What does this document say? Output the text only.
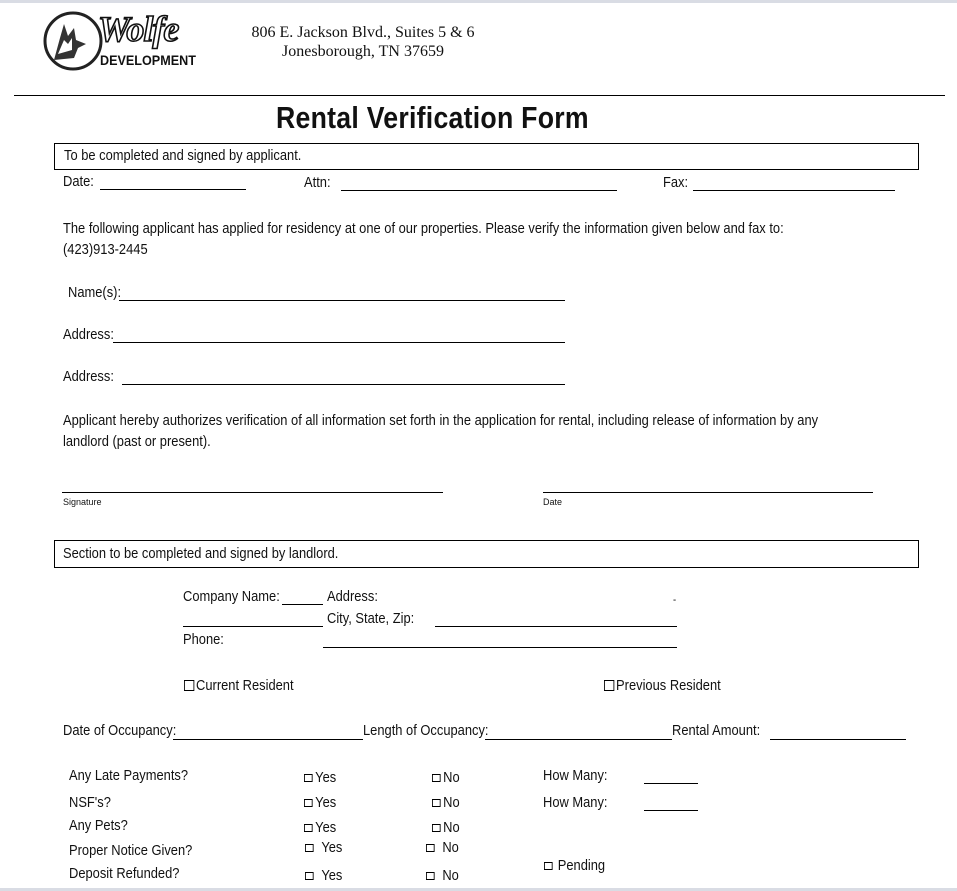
Wolfe
DEVELOPMENT
806 E. Jackson Blvd., Suites 5 & 6
Jonesborough, TN 37659
Rental Verification Form
To be completed and signed by applicant.
Date:	Attn:	Fax:
The following applicant has applied for residency at one of our properties. Please verify the information given below and fax to:
(423)913-2445
Name(s):
Address:
Address:
Applicant hereby authorizes verification of all information set forth in the application for rental, including release of information by any
landlord (past or present).
Signature	Date
Section to be completed and signed by landlord.
Company Name:	Address:	-
City, State, Zip:
Phone:
Current Resident	Previous Resident
Date of Occupancy:	Length of Occupancy:	Rental Amount:
Any Late Payments?	Yes	No	How Many:
NSF's?	Yes	No	How Many:
Any Pets?	Yes	No
Proper Notice Given?	Yes	No
Deposit Refunded?	Yes	No
Pending
